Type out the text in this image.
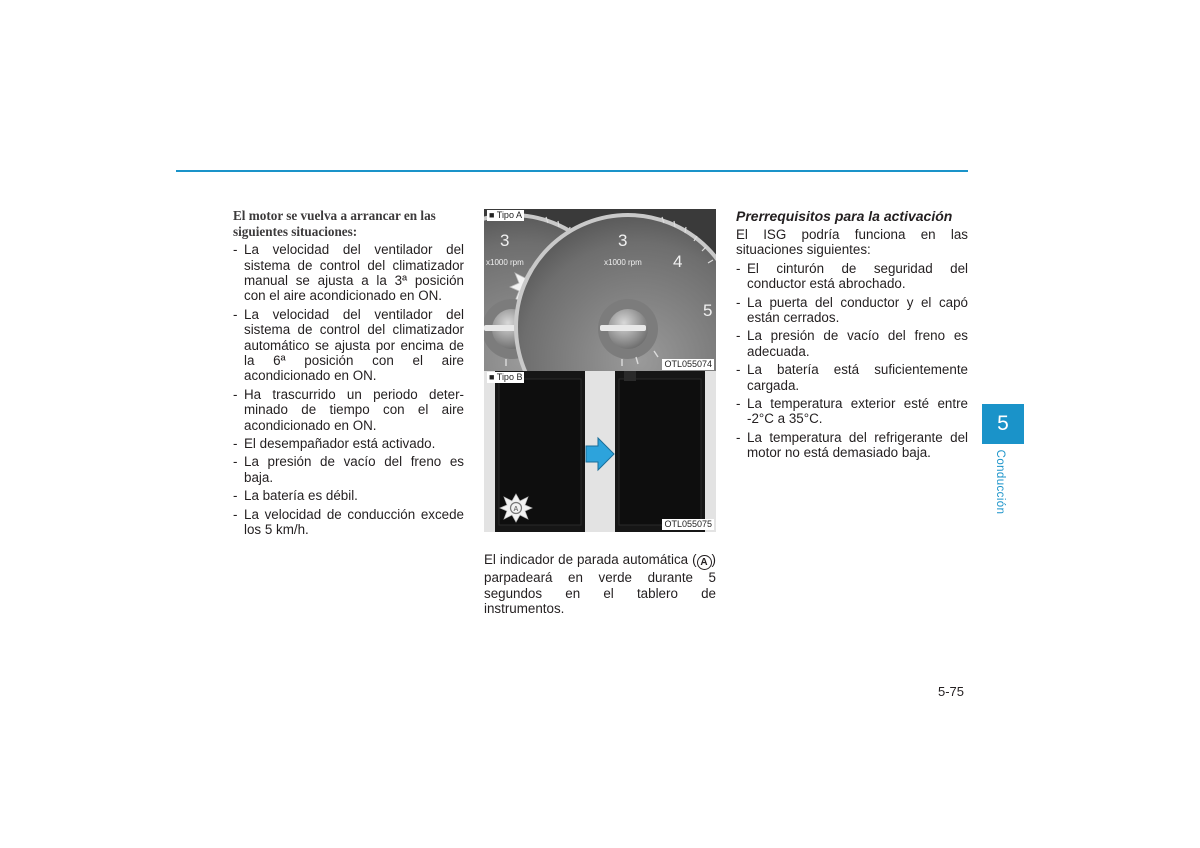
El motor se vuelva a arrancar en las siguientes situaciones:

- La velocidad del ventilador del sistema de control del climatizador manual se ajusta a la 3ª posición con el aire acondicionado en ON.
- La velocidad del ventilador del sistema de control del climatizador automático se ajusta por encima de la 6ª posición con el aire acondicionado en ON.
- Ha trascurrido un periodo deter-minado de tiempo con el aire acondicionado en ON.
- El desempañador está activado.
- La presión de vacío del freno es baja.
- La batería es débil.
- La velocidad de conducción excede los 5 km/h.
3
x1000 rpm
3
4
5
x1000 rpm
■ Tipo A
OTL055074
A
■ Tipo B
OTL055075

El indicador de parada automática ( A ) parpadeará en verde durante 5 segundos en el tablero de instrumentos.

Prerrequisitos para la activación

El ISG podría funciona en las situaciones siguientes:

- El cinturón de seguridad del conductor está abrochado.
- La puerta del conductor y el capó están cerrados.
- La presión de vacío del freno es adecuada.
- La batería está suficientemente cargada.
- La temperatura exterior esté entre -2°C a 35°C.
- La temperatura del refrigerante del motor no está demasiado baja.
5
Conducción
5-75
